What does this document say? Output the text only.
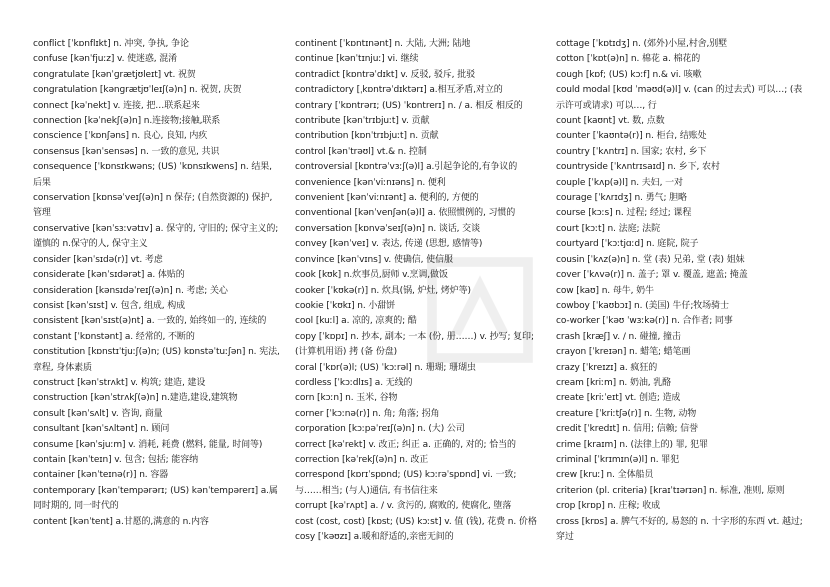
conflict [ˈkɒnflɪkt] n. 冲突, 争执, 争论
confuse [kənˈfjuːz] v. 使迷惑, 混淆
congratulate [kənˈɡrætjʊleɪt] vt. 祝贺
congratulation [kənɡrætjʊˈleɪʃ(ə)n] n. 祝贺, 庆贺
connect [kəˈnekt] v. 连接, 把…联系起来
connection [kəˈnekʃ(ə)n] n.连接物;接触,联系
conscience [ˈkɒnʃəns] n. 良心, 良知, 内疚
consensus [kənˈsensəs] n. 一致的意见, 共识
consequence [ˈkɒnsɪkwəns; (US) ˈkɒnsɪkwens] n. 结果, 后果
conservation [kɒnsəˈveɪʃ(ə)n] n 保存; (自然资源的) 保护, 管理
conservative [kənˈsɜːvətɪv] a. 保守的, 守旧的; 保守主义的; 谨慎的 n.保守的人, 保守主义
consider [kənˈsɪdə(r)] vt. 考虑
considerate [kənˈsɪdərət] a. 体贴的
consideration [kənsɪdəˈreɪʃ(ə)n] n. 考虑; 关心
consist [kənˈsɪst] v. 包含, 组成, 构成
consistent [kənˈsɪst(ə)nt] a. 一致的, 始终如一的, 连续的
constant [ˈkɒnstənt] a. 经常的, 不断的
constitution [kɒnstɪˈtjuːʃ(ə)n; (US) kɒnstəˈtuːʃən] n. 宪法, 章程, 身体素质
construct [kənˈstrʌkt] v. 构筑; 建造, 建设
construction [kənˈstrʌkʃ(ə)n] n.建造,建设,建筑物
consult [kənˈsʌlt] v. 咨询, 商量
consultant [kənˈsʌltənt] n. 顾问
consume [kənˈsjuːm] v. 消耗, 耗费 (燃料, 能量, 时间等)
contain [kənˈteɪn] v. 包含; 包括; 能容纳
container [kənˈteɪnə(r)] n. 容器
contemporary [kənˈtempərərɪ; (US) kənˈtempərerɪ] a.属同时期的, 同一时代的
content [kənˈtent] a.甘愿的,满意的 n.内容
continent [ˈkɒntɪnənt] n. 大陆, 大洲; 陆地
continue [kənˈtɪnjuː] vi. 继续
contradict [kɒntrəˈdɪkt] v. 反驳, 驳斥, 批驳
contradictory [ˌkɒntrəˈdɪktərɪ] a.相互矛盾,对立的
contrary [ˈkɒntrərɪ; (US) ˈkɒntrerɪ] n. / a. 相反 相反的
contribute [kənˈtrɪbjuːt] v. 贡献
contribution [kɒnˈtrɪbjuːt] n. 贡献
control [kənˈtrəʊl] vt.& n. 控制
controversial [kɒntrəˈvɜːʃ(ə)l] a.引起争论的,有争议的
convenience [kənˈviːnɪəns] n. 便利
convenient [kənˈviːnɪənt] a. 便利的, 方便的
conventional [kənˈvenʃən(ə)l] a. 依照惯例的, 习惯的
conversation [kɒnvəˈseɪʃ(ə)n] n. 谈话, 交谈
convey [kənˈveɪ] v. 表达, 传递 (思想, 感情等)
convince [kənˈvɪns] v. 使确信, 使信服
cook [kʊk] n.炊事员,厨师 v.烹调,做饭
cooker [ˈkʊkə(r)] n. 炊具(锅, 炉灶, 烤炉等)
cookie [ˈkʊkɪ] n. 小甜饼
cool [kuːl] a. 凉的, 凉爽的; 酷
copy [ˈkɒpɪ] n. 抄本, 副本; 一本 (份, 册……) v. 抄写; 复印; (计算机用语) 拷 (备 份盘)
coral [ˈkɒr(ə)l; (US) ˈkɔːrəl] n. 珊瑚; 珊瑚虫
cordless [ˈkɔːdlɪs] a. 无线的
corn [kɔːn] n. 玉米, 谷物
corner [ˈkɔːnə(r)] n. 角; 角落; 拐角
corporation [kɔːpəˈreɪʃ(ə)n] n. (大) 公司
correct [kəˈrekt] v. 改正; 纠正 a. 正确的, 对的; 恰当的
correction [kəˈrekʃ(ə)n] n. 改正
correspond [kɒrɪˈspɒnd; (US) kɔːrəˈspɒnd] vi. 一致; 与……相当; (与人)通信, 有书信往来
corrupt [kəˈrʌpt] a. / v. 贪污的, 腐败的, 使腐化, 堕落
cost (cost, cost) [kɒst; (US) kɔːst] v. 值 (钱), 花费 n. 价格
cosy [ˈkəʊzɪ] a.暖和舒适的,亲密无间的
cottage [ˈkɒtɪdʒ] n. (郊外)小屋,村舍,别墅
cotton [ˈkɒt(ə)n] n. 棉花 a. 棉花的
cough [kɒf; (US) kɔːf] n.& vi. 咳嗽
could modal [kʊd ˈməʊd(ə)l] v. (can 的过去式) 可以…; (表示许可或请求) 可以…, 行
count [kaʊnt] vt. 数, 点数
counter [ˈkaʊntə(r)] n. 柜台, 结账处
country [ˈkʌntrɪ] n. 国家; 农村, 乡下
countryside [ˈkʌntrɪsaɪd] n. 乡下, 农村
couple [ˈkʌp(ə)l] n. 夫妇, 一对
courage [ˈkʌrɪdʒ] n. 勇气; 胆略
course [kɔːs] n. 过程; 经过; 课程
court [kɔːt] n. 法庭; 法院
courtyard [ˈkɔːtjɑːd] n. 庭院, 院子
cousin [ˈkʌz(ə)n] n. 堂 (表) 兄弟, 堂 (表) 姐妹
cover [ˈkʌvə(r)] n. 盖子; 罩 v. 覆盖, 遮盖; 掩盖
cow [kaʊ] n. 母牛, 奶牛
cowboy [ˈkaʊbɔɪ] n. (美国) 牛仔;牧场骑士
co-worker [ˈkəʊ ˈwɜːkə(r)] n. 合作者; 同事
crash [kræʃ] v. / n. 碰撞, 撞击
crayon [ˈkreɪən] n. 蜡笔; 蜡笔画
crazy [ˈkreɪzɪ] a. 疯狂的
cream [kriːm] n. 奶油, 乳酪
create [kriːˈeɪt] vt. 创造; 造成
creature [ˈkriːtʃə(r)] n. 生物, 动物
credit [ˈkredɪt] n. 信用; 信赖; 信誉
crime [kraɪm] n. (法律上的) 罪, 犯罪
criminal [ˈkrɪmɪn(ə)l] n. 罪犯
crew [kruː] n. 全体船员
criterion (pl. criteria) [kraɪˈtɪərɪən] n. 标准, 准则, 原则
crop [krɒp] n. 庄稼; 收成
cross [krɒs] a. 脾气不好的, 易怒的 n. 十字形的东西 vt. 越过; 穿过
